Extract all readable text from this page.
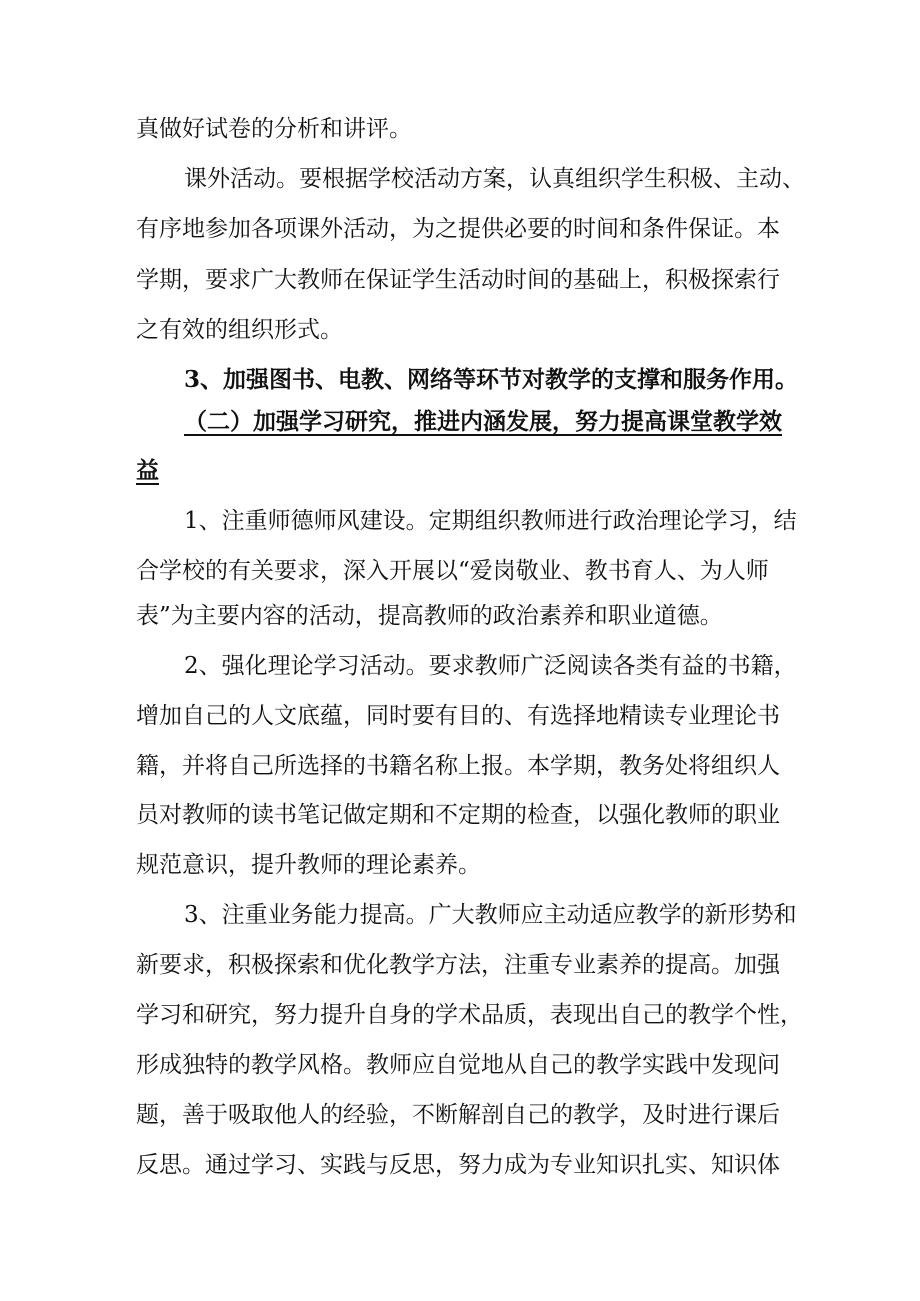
真做好试卷的分析和讲评。
课外活动。要根据学校活动方案，认真组织学生积极、主动、
有序地参加各项课外活动，为之提供必要的时间和条件保证。本
学期，要求广大教师在保证学生活动时间的基础上，积极探索行
之有效的组织形式。
3、加强图书、电教、网络等环节对教学的支撑和服务作用。
（二）加强学习研究，推进内涵发展，努力提高课堂教学效
益
1、注重师德师风建设。定期组织教师进行政治理论学习，结
合学校的有关要求，深入开展以“爱岗敬业、教书育人、为人师
表”为主要内容的活动，提高教师的政治素养和职业道德。
2、强化理论学习活动。要求教师广泛阅读各类有益的书籍，
增加自己的人文底蕴，同时要有目的、有选择地精读专业理论书
籍，并将自己所选择的书籍名称上报。本学期，教务处将组织人
员对教师的读书笔记做定期和不定期的检查，以强化教师的职业
规范意识，提升教师的理论素养。
3、注重业务能力提高。广大教师应主动适应教学的新形势和
新要求，积极探索和优化教学方法，注重专业素养的提高。加强
学习和研究，努力提升自身的学术品质，表现出自己的教学个性，
形成独特的教学风格。教师应自觉地从自己的教学实践中发现问
题，善于吸取他人的经验，不断解剖自己的教学，及时进行课后
反思。通过学习、实践与反思，努力成为专业知识扎实、知识体
